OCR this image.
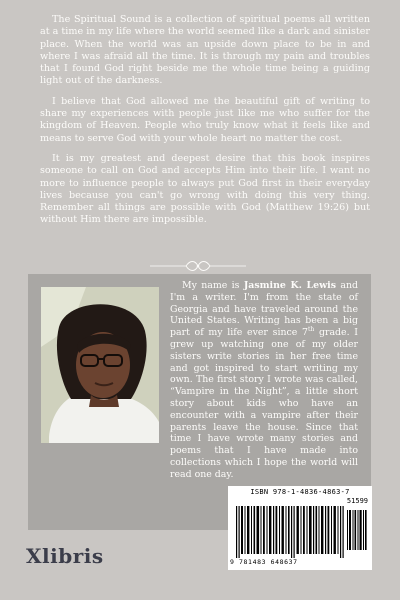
The Spiritual Sound is a collection of spiritual poems all written at a time in my life where the world seemed like a dark and sinister place. When the world was an upside down place to be in and where I was afraid all the time. It is through my pain and troubles that I found God right beside me the whole time being a guiding light out of the darkness.

I believe that God allowed me the beautiful gift of writing to share my experiences with people just like me who suffer for the kingdom of Heaven. People who truly know what it feels like and means to serve God with your whole heart no matter the cost.

It is my greatest and deepest desire that this book inspires someone to call on God and accepts Him into their life. I want no more to influence people to always put God first in their everyday lives because you can't go wrong with doing this very thing. Remember all things are possible with God (Matthew 19:26) but without Him there are impossible.

My name is Jasmine K. Lewis and I'm a writer. I'm from the state of Georgia and have traveled around the United States. Writing has been a big part of my life ever since 7th grade. I grew up watching one of my older sisters write stories in her free time and got inspired to start writing my own. The first story I wrote was called, “Vampire in the Night”, a little short story about kids who have an encounter with a vampire after their parents leave the house. Since that time I have wrote many stories and poems that I have made into collections which I hope the world will read one day.

Xlibris
ISBN 978-1-4836-4863-7
51599
9 781483 648637
